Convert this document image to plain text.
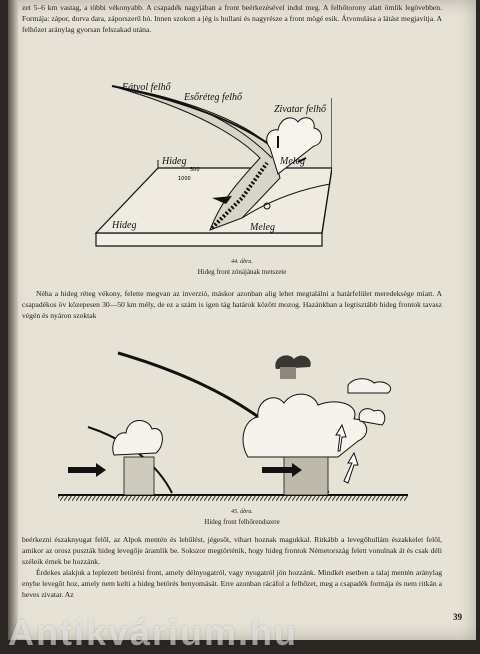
zet 5–6 km vastag, a többi vékonyabb. A csapadék nagyjában a front beérkezésével indul meg. A felhőtorony alatt ömlik legövebben. Formája: zápor, durva dara, záporszerű hó. Innen szokott a jég is hullani és nagyrésze a front mögé esik. Átvonulása a látást megjavítja. A felhőzet aránylag gyorsan felszakad utána.

Fátyol felhő
Esőréteg felhő
Zivatar felhő
Hideg	Meleg
Hideg	Meleg
1000
500
44. ábra.
Hideg front zónájának metszete

Néha a hideg réteg vékony, felette megvan az inverzió, máskor azonban alig lehet megtalálni a határfelület meredeksége miatt. A csapadékos öv közepesen 30—50 km mély, de ez a szám is igen tág határok között mozog. Hazánkban a legtisztább hideg frontok tavasz végén és nyáron szoktak

45. ábra.
Hideg front felhőrendszere

beérkezni északnyugat felől, az Alpok mentén és lehűlést, jégesőt, vihart hoznak magukkal. Ritkább a levegőhullám északkelet felől, amikor az orosz puszták hideg levegője áramlik be. Sokszor megtörténik, hogy hideg frontok Németország felett vonulnak át és csak déli széleik érnek be hozzánk.

Érdekes alakjuk a leplezett betörési front, amely délnyugatról, vagy nyugatról jön hozzánk. Mindkét esetben a talaj mentén aránylag enyhe levegőt hoz, amely nem kelti a hideg betörés benyomását. Erre azonban rácáfol a felhőzet, meg a csapadék formája és nem ritkán a heves zivatar. Az

39
Antikvárium.hu
